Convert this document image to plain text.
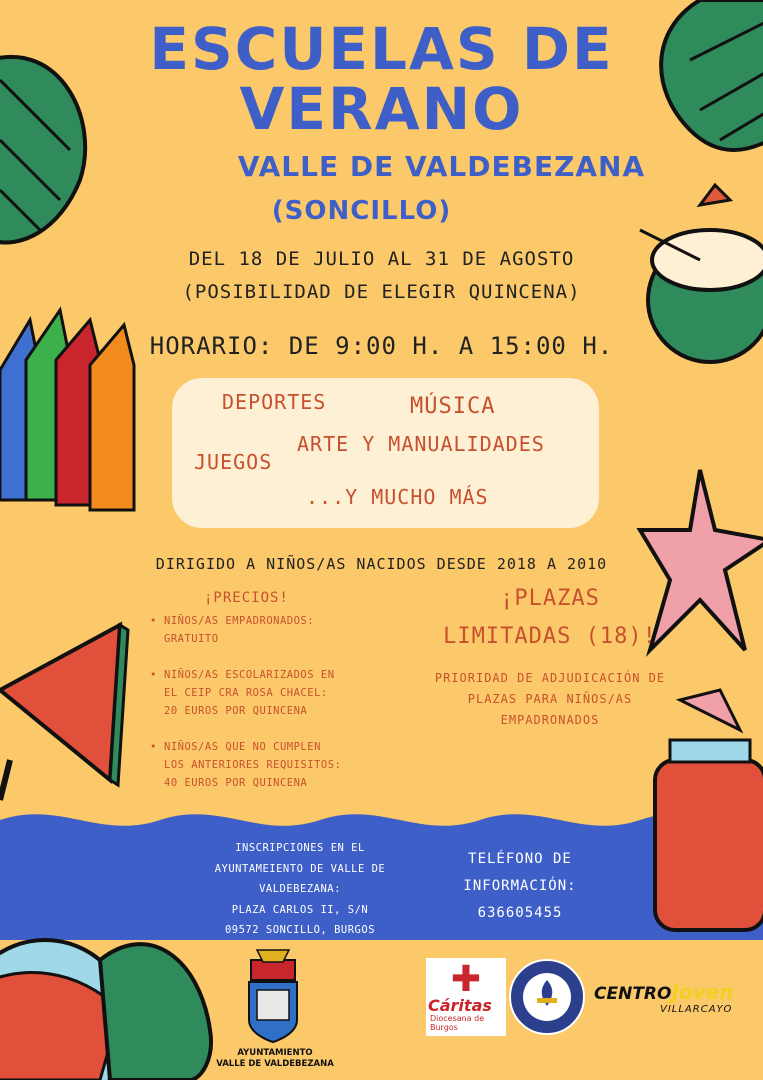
ESCUELAS DE
VERANO
VALLE DE VALDEBEZANA
(SONCILLO)
DEL 18 DE JULIO AL 31 DE AGOSTO
(POSIBILIDAD DE ELEGIR QUINCENA)
HORARIO: DE 9:00 H. A 15:00 H.
DEPORTES	MÚSICA
ARTE Y MANUALIDADES
JUEGOS
...Y MUCHO MÁS
DIRIGIDO A NIÑOS/AS NACIDOS DESDE 2018 A 2010
¡PRECIOS!
• NIÑOS/AS EMPADRONADOS:
GRATUITO
• NIÑOS/AS ESCOLARIZADOS EN
EL CEIP CRA ROSA CHACEL:
20 EUROS POR QUINCENA
• NIÑOS/AS QUE NO CUMPLEN
LOS ANTERIORES REQUISITOS:
40 EUROS POR QUINCENA
¡PLAZAS
LIMITADAS (18)!
PRIORIDAD DE ADJUDICACIÓN DE
PLAZAS PARA NIÑOS/AS
EMPADRONADOS
INSCRIPCIONES EN EL
AYUNTAMEIENTO DE VALLE DE
VALDEBEZANA:
PLAZA CARLOS II, S/N
09572 SONCILLO, BURGOS
TELÉFONO DE
INFORMACIÓN:
636605455
AYUNTAMIENTO
VALLE DE VALDEBEZANA
✚
Cáritas
Diocesana de
Burgos
CENTROJoven
VILLARCAYO
